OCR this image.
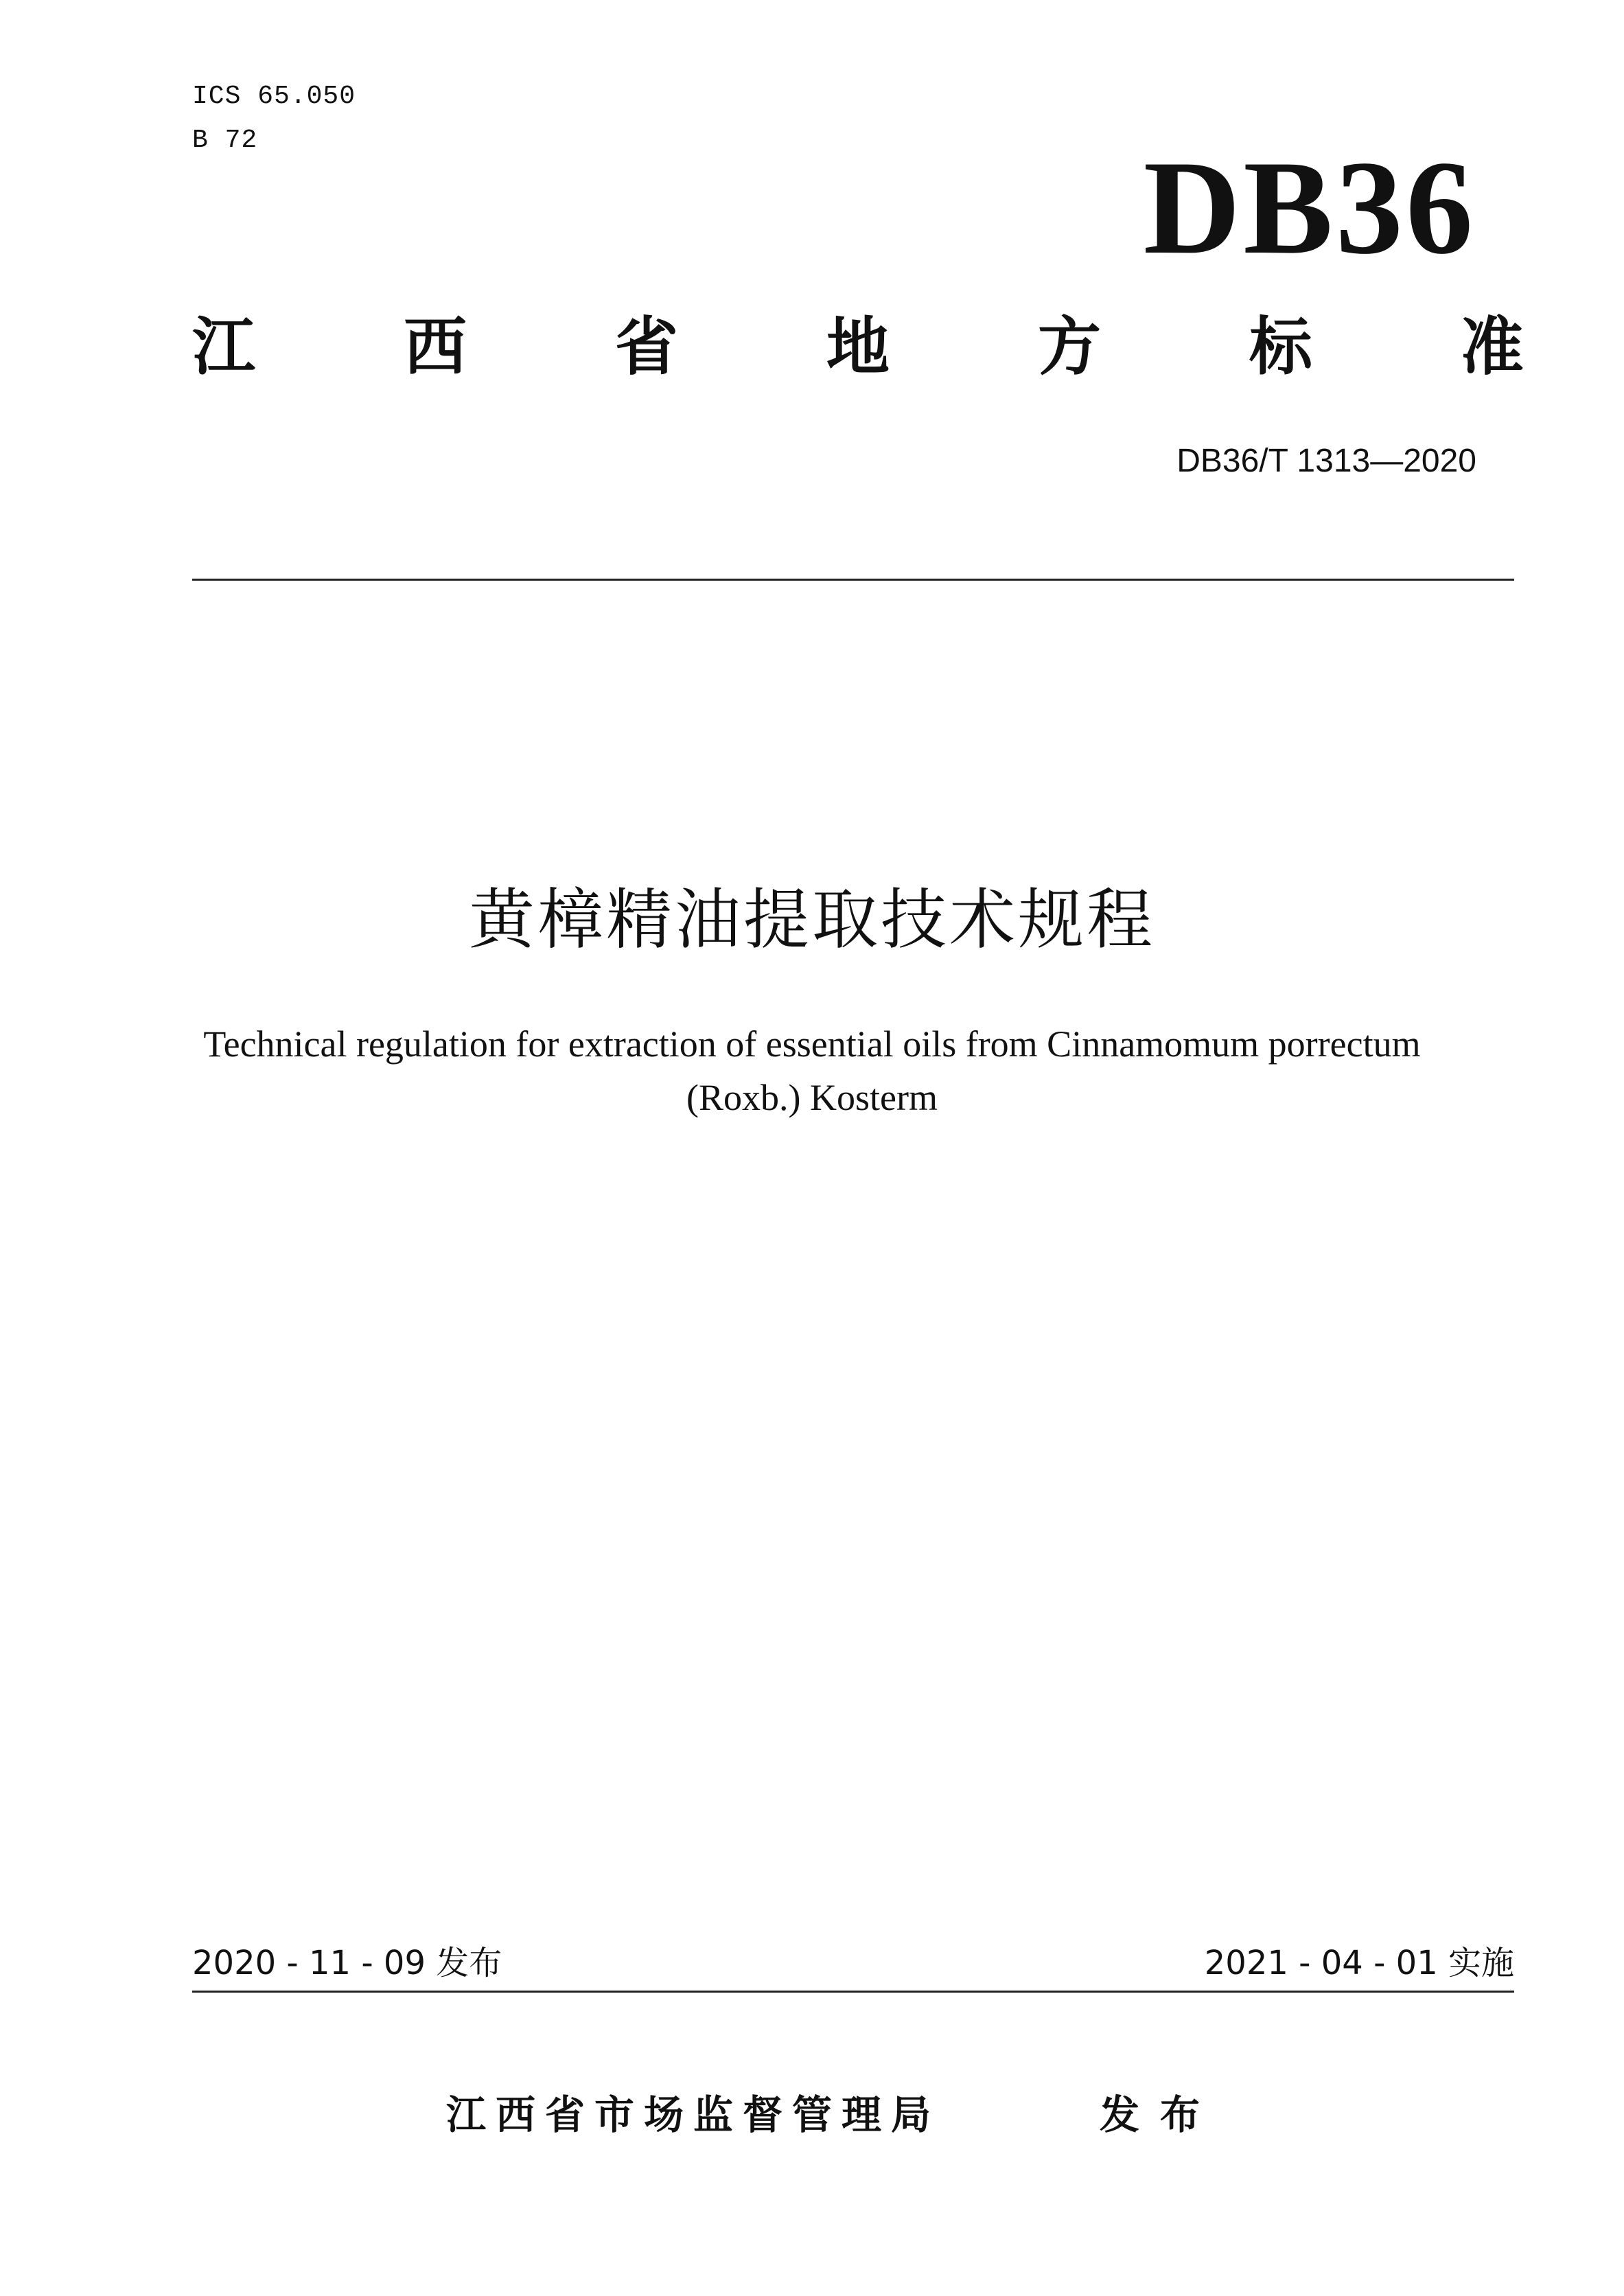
ICS 65.050
B 72	DB36
江 西 省 地 方 标 准
DB36/T 1313—2020
黄樟精油提取技术规程
Technical regulation for extraction of essential oils from Cinnamomum porrectum
(Roxb.) Kosterm
2020 - 11 - 09 发布	2021 - 04 - 01 实施
江西省市场监督管理局	发布
